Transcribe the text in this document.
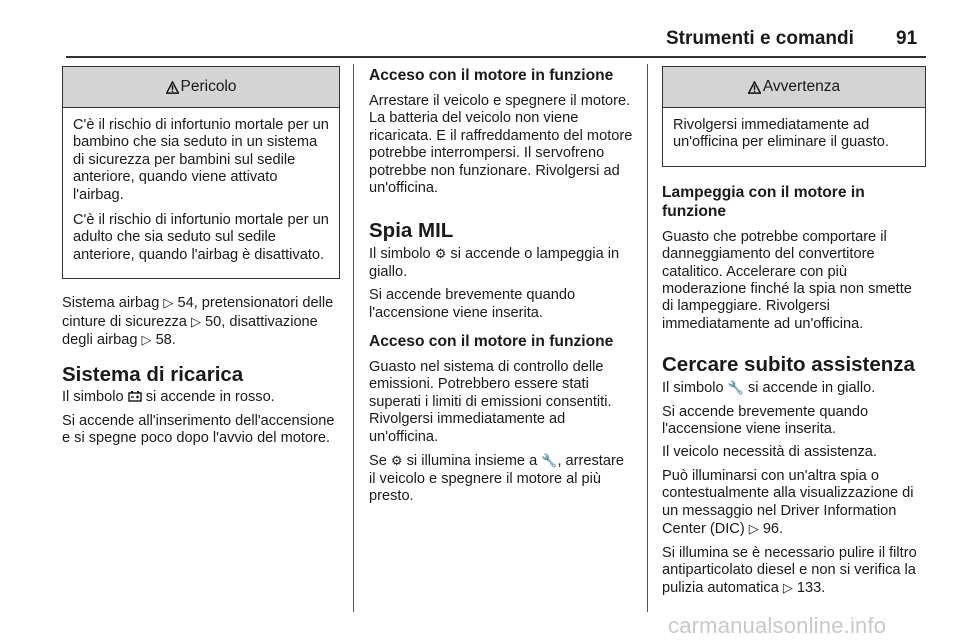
Strumenti e comandi 91
Pericolo

C'è il rischio di infortunio mortale per un bambino che sia seduto in un sistema di sicurezza per bambini sul sedile anteriore, quando viene attivato l'airbag.

C'è il rischio di infortunio mortale per un adulto che sia seduto sul sedile anteriore, quando l'airbag è disattivato.

Sistema airbag ▷ 54, pretensionatori delle cinture di sicurezza ▷ 50, disattivazione degli airbag ▷ 58.

Sistema di ricarica

Il simbolo  si accende in rosso.

Si accende all'inserimento dell'accensione e si spegne poco dopo l'avvio del motore.

Acceso con il motore in funzione

Arrestare il veicolo e spegnere il motore. La batteria del veicolo non viene ricaricata. E il raffreddamento del motore potrebbe interrompersi. Il servofreno potrebbe non funzionare. Rivolgersi ad un'officina.

Spia MIL

Il simbolo ⚙ si accende o lampeggia in giallo.

Si accende brevemente quando l'accensione viene inserita.

Acceso con il motore in funzione

Guasto nel sistema di controllo delle emissioni. Potrebbero essere stati superati i limiti di emissioni consentiti. Rivolgersi immediatamente ad un'officina.

Se ⚙ si illumina insieme a 🔧, arrestare il veicolo e spegnere il motore al più presto.

Avvertenza

Rivolgersi immediatamente ad un'officina per eliminare il guasto.

Lampeggia con il motore in funzione

Guasto che potrebbe comportare il danneggiamento del convertitore catalitico. Accelerare con più moderazione finché la spia non smette di lampeggiare. Rivolgersi immediatamente ad un'officina.

Cercare subito assistenza

Il simbolo 🔧 si accende in giallo.

Si accende brevemente quando l'accensione viene inserita.

Il veicolo necessità di assistenza.

Può illuminarsi con un'altra spia o contestualmente alla visualizzazione di un messaggio nel Driver Information Center (DIC) ▷ 96.

Si illumina se è necessario pulire il filtro antiparticolato diesel e non si verifica la pulizia automatica ▷ 133.

carmanualsonline.info
